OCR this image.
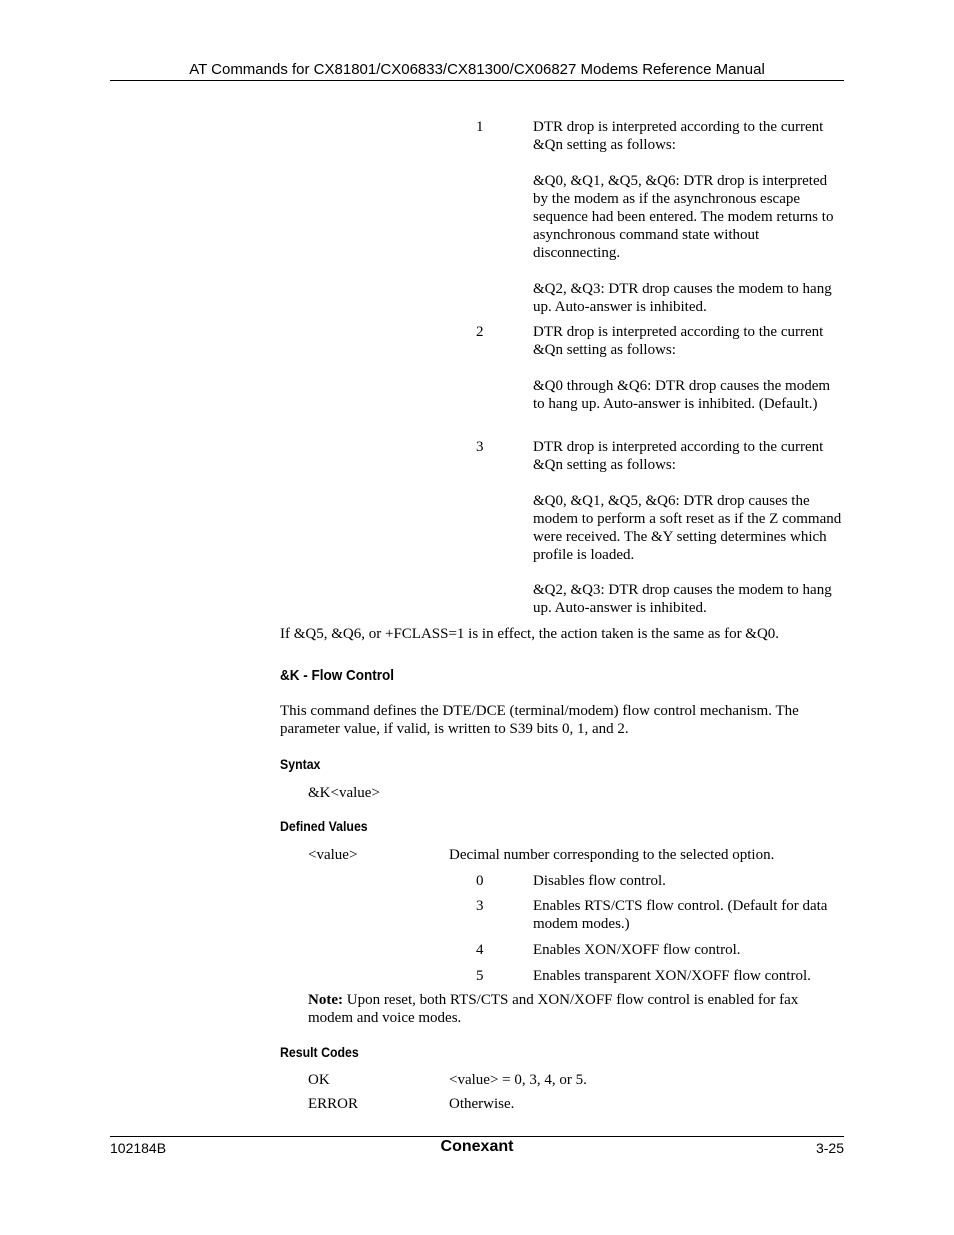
AT Commands for CX81801/CX06833/CX81300/CX06827 Modems Reference Manual
1	DTR drop is interpreted according to the current &Qn setting as follows:

&Q0, &Q1, &Q5, &Q6: DTR drop is interpreted by the modem as if the asynchronous escape sequence had been entered. The modem returns to asynchronous command state without disconnecting.

&Q2, &Q3: DTR drop causes the modem to hang up. Auto-answer is inhibited.

2	DTR drop is interpreted according to the current &Qn setting as follows:

&Q0 through &Q6: DTR drop causes the modem to hang up. Auto-answer is inhibited. (Default.)

3	DTR drop is interpreted according to the current &Qn setting as follows:

&Q0, &Q1, &Q5, &Q6: DTR drop causes the modem to perform a soft reset as if the Z command were received. The &Y setting determines which profile is loaded.

&Q2, &Q3: DTR drop causes the modem to hang up. Auto-answer is inhibited.

If &Q5, &Q6, or +FCLASS=1 is in effect, the action taken is the same as for &Q0.
&K - Flow Control
This command defines the DTE/DCE (terminal/modem) flow control mechanism. The parameter value, if valid, is written to S39 bits 0, 1, and 2.
Syntax
&K<value>
Defined Values
<value>	Decimal number corresponding to the selected option.
0	Disables flow control.
3	Enables RTS/CTS flow control. (Default for data modem modes.)
4	Enables XON/XOFF flow control.
5	Enables transparent XON/XOFF flow control.
Note: Upon reset, both RTS/CTS and XON/XOFF flow control is enabled for fax modem and voice modes.
Result Codes
OK	<value> = 0, 3, 4, or 5.
ERROR	Otherwise.
102184B	Conexant	3-25
